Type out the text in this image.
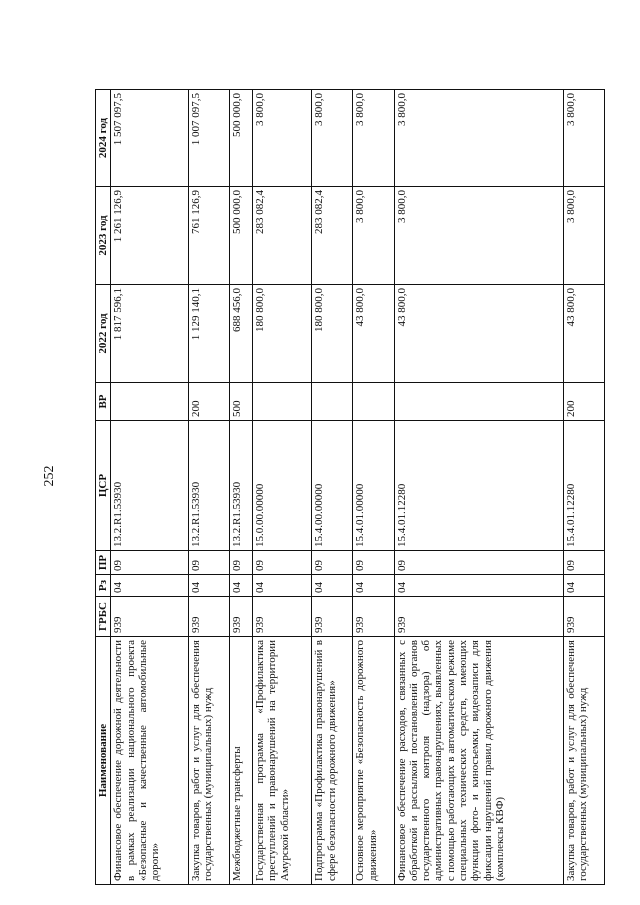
252
Наименование	ГРБС	Рз	ПР	ЦСР	ВР	2022 год	2023 год	2024 год
Финансовое обеспечение дорожной деятельности в рамках реализации национального проекта «Безопасные и качественные автомобильные дороги»	939	04	09	13.2.R1.53930		1 817 596,1	1 261 126,9	1 507 097,5
Закупка товаров, работ и услуг для обеспечения государственных (муниципальных) нужд	939	04	09	13.2.R1.53930	200	1 129 140,1	761 126,9	1 007 097,5
Межбюджетные трансферты	939	04	09	13.2.R1.53930	500	688 456,0	500 000,0	500 000,0
Государственная программа «Профилактика преступлений и правонарушений на территории Амурской области»	939	04	09	15.0.00.00000		180 800,0	283 082,4	3 800,0
Подпрограмма «Профилактика правонарушений в сфере безопасности дорожного движения»	939	04	09	15.4.00.00000		180 800,0	283 082,4	3 800,0
Основное мероприятие «Безопасность дорожного движения»	939	04	09	15.4.01.00000		43 800,0	3 800,0	3 800,0
Финансовое обеспечение расходов, связанных с обработкой и рассылкой постановлений органов государственного контроля (надзора) об административных правонарушениях, выявленных с помощью работающих в автоматическом режиме специальных технических средств, имеющих функции фото- и киносъемки, видеозаписи для фиксации нарушений правил дорожного движения (комплексы КВФ)	939	04	09	15.4.01.12280		43 800,0	3 800,0	3 800,0
Закупка товаров, работ и услуг для обеспечения государственных (муниципальных) нужд	939	04	09	15.4.01.12280	200	43 800,0	3 800,0	3 800,0
